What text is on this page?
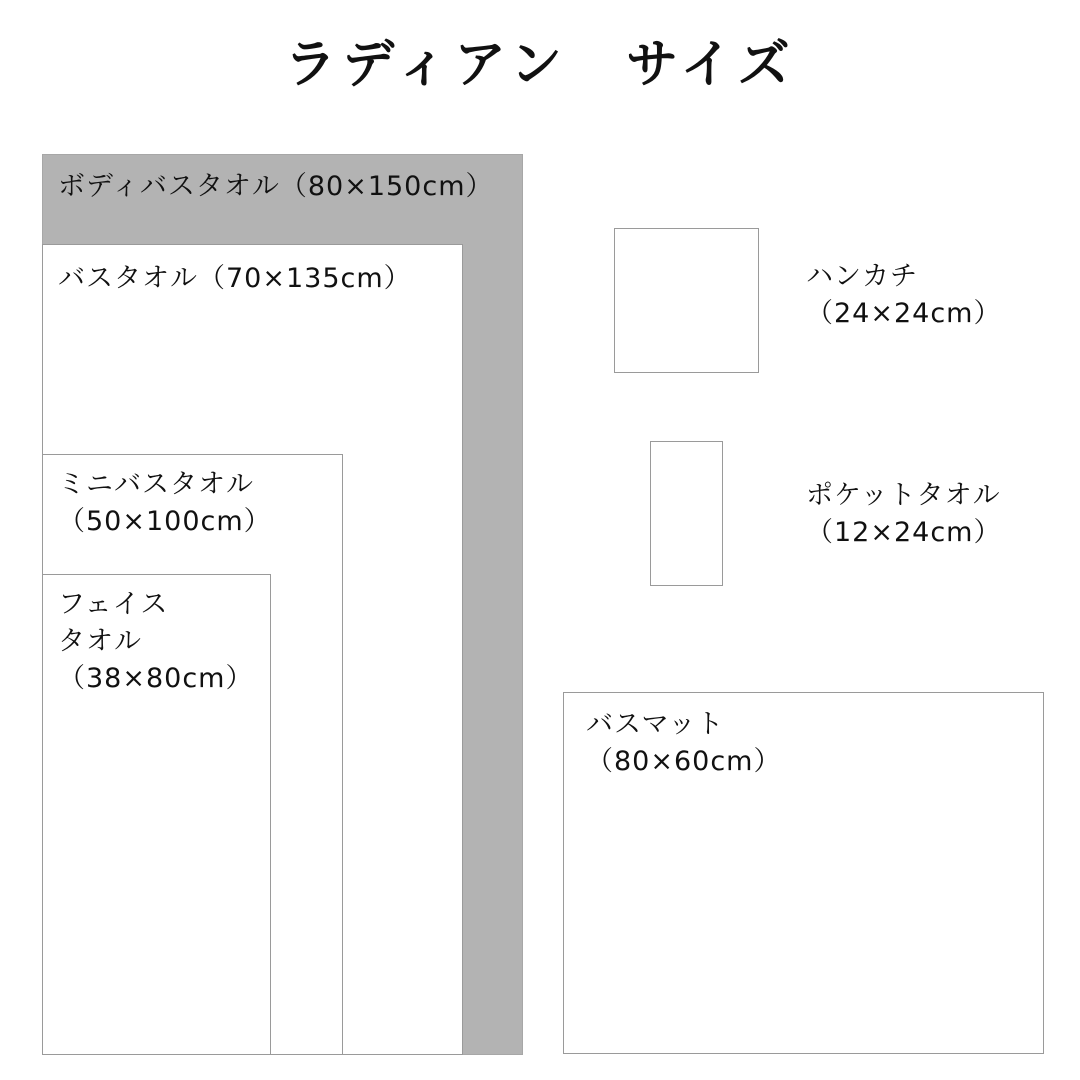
ラディアン　サイズ
ボディバスタオル（80×150cm）
バスタオル（70×135cm）
ミニバスタオル
（50×100cm）
フェイス
タオル
（38×80cm）
ハンカチ
（24×24cm）
ポケットタオル
（12×24cm）
バスマット
（80×60cm）
